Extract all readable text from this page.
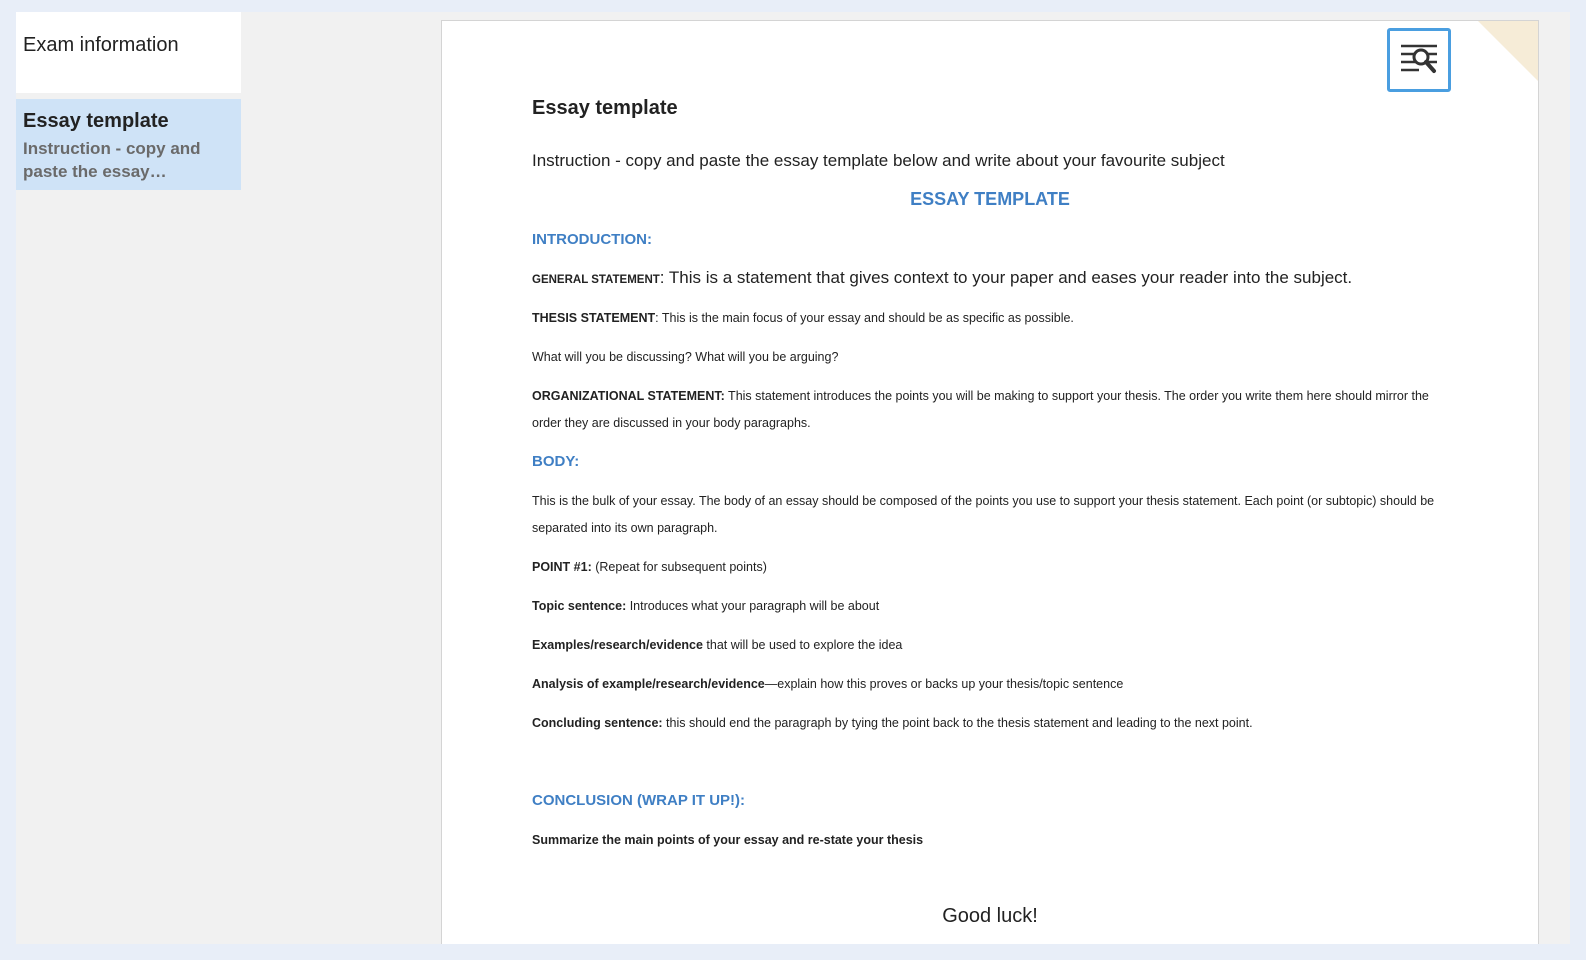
Exam information
Essay template
Instruction - copy and paste the essay…
Essay template
Instruction - copy and paste the essay template below and write about your favourite subject
ESSAY TEMPLATE
INTRODUCTION:
GENERAL STATEMENT: This is a statement that gives context to your paper and eases your reader into the subject.
THESIS STATEMENT: This is the main focus of your essay and should be as specific as possible.
What will you be discussing? What will you be arguing?
ORGANIZATIONAL STATEMENT: This statement introduces the points you will be making to support your thesis. The order you write them here should mirror the order they are discussed in your body paragraphs.
BODY:
This is the bulk of your essay. The body of an essay should be composed of the points you use to support your thesis statement. Each point (or subtopic) should be separated into its own paragraph.
POINT #1: (Repeat for subsequent points)
Topic sentence: Introduces what your paragraph will be about
Examples/research/evidence that will be used to explore the idea
Analysis of example/research/evidence—explain how this proves or backs up your thesis/topic sentence
Concluding sentence: this should end the paragraph by tying the point back to the thesis statement and leading to the next point.
CONCLUSION (WRAP IT UP!):
Summarize the main points of your essay and re-state your thesis
Good luck!
